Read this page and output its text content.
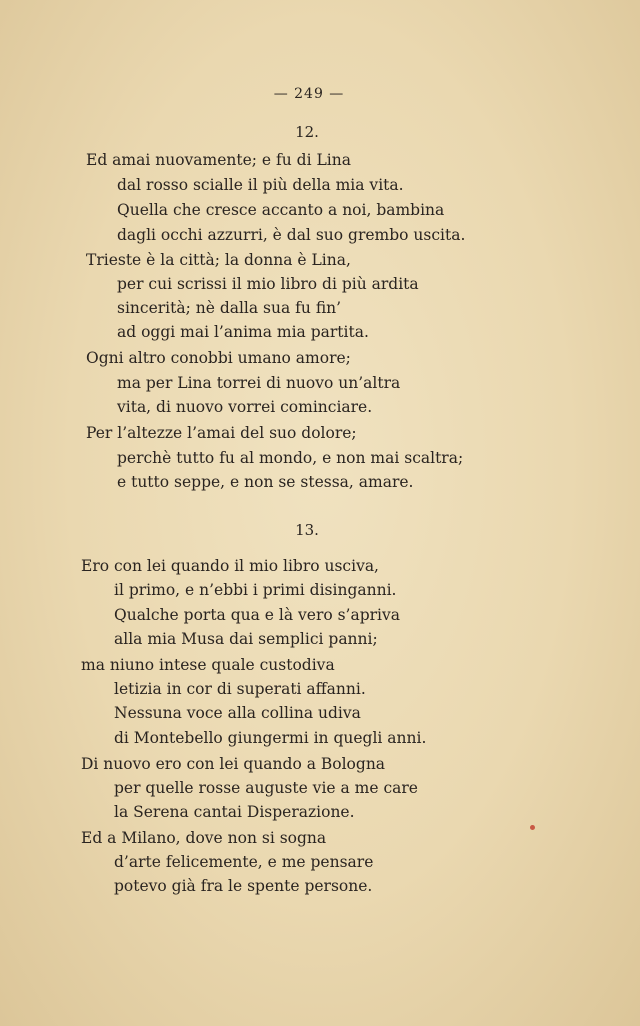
— 249 —
12.
Ed amai nuovamente; e fu di Lina
dal rosso scialle il più della mia vita.
Quella che cresce accanto a noi, bambina
dagli occhi azzurri, è dal suo grembo uscita.
Trieste è la città; la donna è Lina,
per cui scrissi il mio libro di più ardita
sincerità; nè dalla sua fu fin’
ad oggi mai l’anima mia partita.
Ogni altro conobbi umano amore;
ma per Lina torrei di nuovo un’altra
vita, di nuovo vorrei cominciare.
Per l’altezze l’amai del suo dolore;
perchè tutto fu al mondo, e non mai scaltra;
e tutto seppe, e non se stessa, amare.
13.
Ero con lei quando il mio libro usciva,
il primo, e n’ebbi i primi disinganni.
Qualche porta qua e là vero s’apriva
alla mia Musa dai semplici panni;
ma niuno intese quale custodiva
letizia in cor di superati affanni.
Nessuna voce alla collina udiva
di Montebello giungermi in quegli anni.
Di nuovo ero con lei quando a Bologna
per quelle rosse auguste vie a me care
la Serena cantai Disperazione.
Ed a Milano, dove non si sogna
d’arte felicemente, e me pensare
potevo già fra le spente persone.
